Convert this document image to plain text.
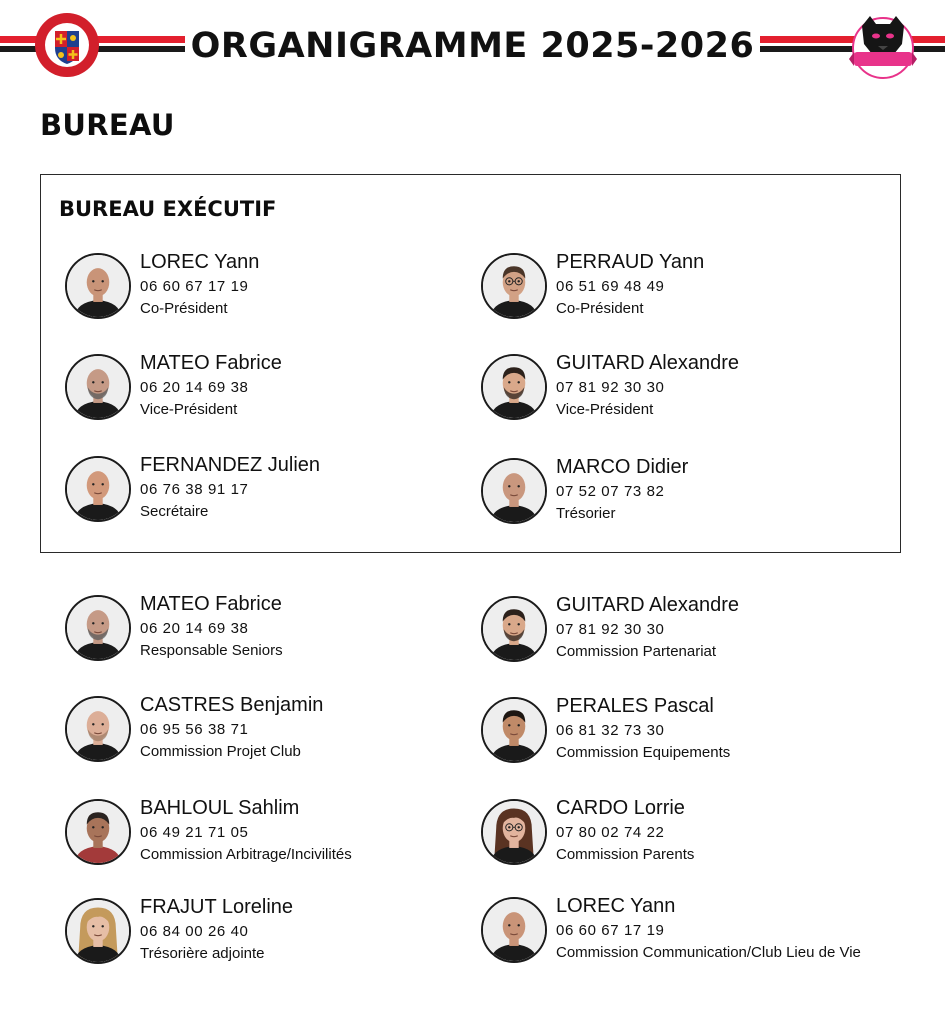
ORGANIGRAMME 2025-2026
BUREAU
BUREAU EXÉCUTIF
LOREC Yann
06 60 67 17 19
Co-Président
PERRAUD Yann
06 51 69 48 49
Co-Président
MATEO Fabrice
06 20 14 69 38
Vice-Président
GUITARD Alexandre
07 81 92 30 30
Vice-Président
FERNANDEZ Julien
06 76 38 91 17
Secrétaire
MARCO Didier
07 52 07 73 82
Trésorier
MATEO Fabrice
06 20 14 69 38
Responsable Seniors
GUITARD Alexandre
07 81 92 30 30
Commission Partenariat
CASTRES Benjamin
06 95 56 38 71
Commission Projet Club
PERALES Pascal
06 81 32 73 30
Commission Equipements
BAHLOUL Sahlim
06 49 21 71 05
Commission Arbitrage/Incivilités
CARDO Lorrie
07 80 02 74 22
Commission Parents
FRAJUT Loreline
06 84 00 26 40
Trésorière adjointe
LOREC Yann
06 60 67 17 19
Commission Communication/Club Lieu de Vie
